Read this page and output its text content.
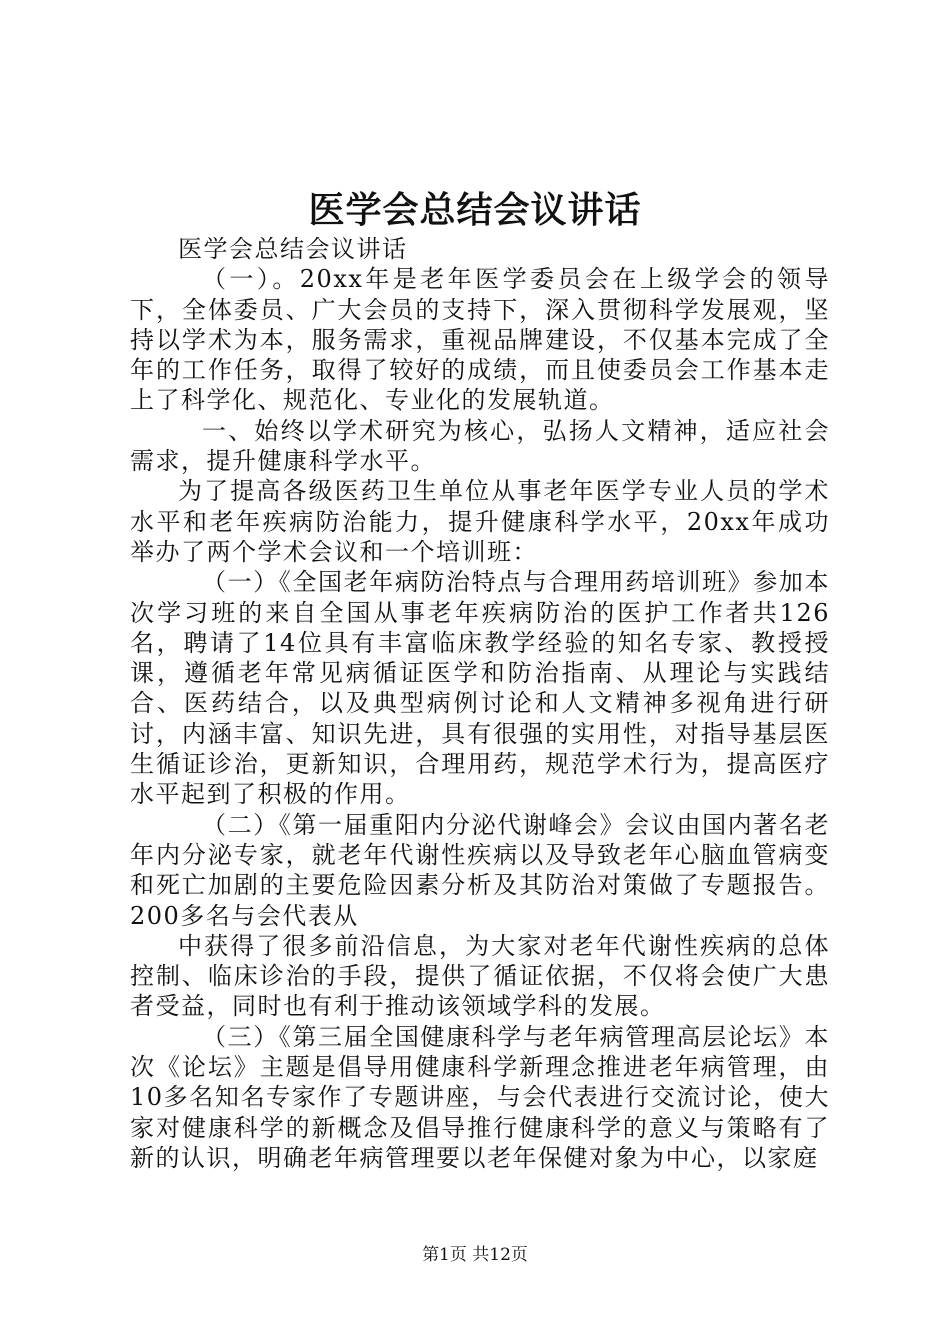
医学会总结会议讲话

医学会总结会议讲话

（一）。20xx年是老年医学委员会在上级学会的领导下，全体委员、广大会员的支持下，深入贯彻科学发展观，坚持以学术为本，服务需求，重视品牌建设，不仅基本完成了全年的工作任务，取得了较好的成绩，而且使委员会工作基本走上了科学化、规范化、专业化的发展轨道。

一、始终以学术研究为核心，弘扬人文精神，适应社会需求，提升健康科学水平。

为了提高各级医药卫生单位从事老年医学专业人员的学术水平和老年疾病防治能力，提升健康科学水平，20xx年成功举办了两个学术会议和一个培训班：

（一）《全国老年病防治特点与合理用药培训班》参加本次学习班的来自全国从事老年疾病防治的医护工作者共126名，聘请了14位具有丰富临床教学经验的知名专家、教授授课，遵循老年常见病循证医学和防治指南、从理论与实践结合、医药结合，以及典型病例讨论和人文精神多视角进行研讨，内涵丰富、知识先进，具有很强的实用性，对指导基层医生循证诊治，更新知识，合理用药，规范学术行为，提高医疗水平起到了积极的作用。

（二）《第一届重阳内分泌代谢峰会》会议由国内著名老年内分泌专家，就老年代谢性疾病以及导致老年心脑血管病变和死亡加剧的主要危险因素分析及其防治对策做了专题报告。200多名与会代表从

中获得了很多前沿信息，为大家对老年代谢性疾病的总体控制、临床诊治的手段，提供了循证依据，不仅将会使广大患者受益，同时也有利于推动该领域学科的发展。

（三）《第三届全国健康科学与老年病管理高层论坛》本次《论坛》主题是倡导用健康科学新理念推进老年病管理，由10多名知名专家作了专题讲座，与会代表进行交流讨论，使大家对健康科学的新概念及倡导推行健康科学的意义与策略有了新的认识，明确老年病管理要以老年保健对象为中心，以家庭

第1页 共12页
